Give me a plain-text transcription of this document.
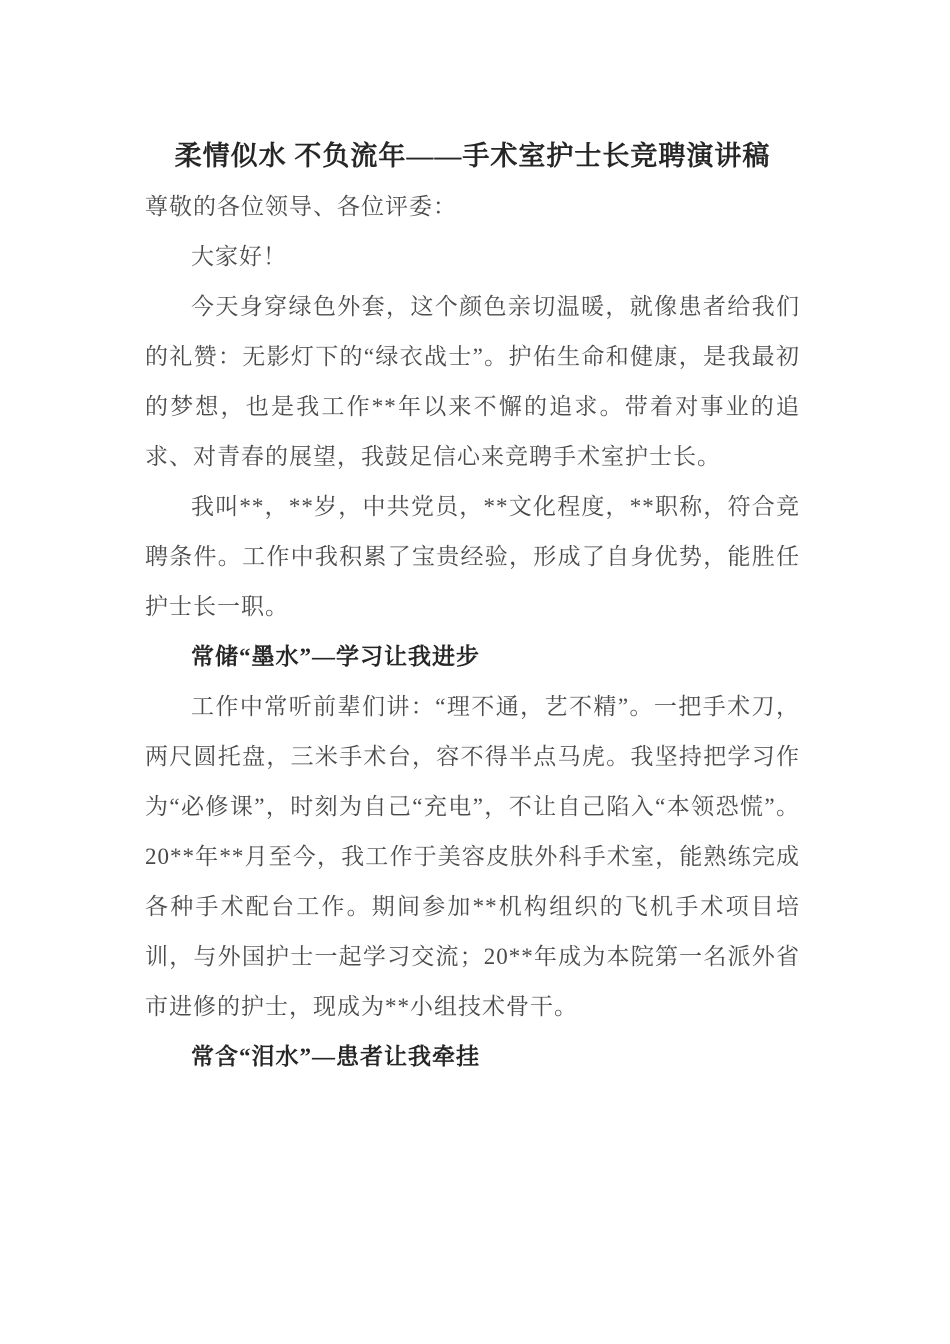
柔情似水 不负流年——手术室护士长竞聘演讲稿

尊敬的各位领导、各位评委：

大家好！

今天身穿绿色外套，这个颜色亲切温暖，就像患者给我们的礼赞：无影灯下的“绿衣战士”。护佑生命和健康，是我最初的梦想，也是我工作**年以来不懈的追求。带着对事业的追求、对青春的展望，我鼓足信心来竞聘手术室护士长。

我叫**，**岁，中共党员，**文化程度，**职称，符合竞聘条件。工作中我积累了宝贵经验，形成了自身优势，能胜任护士长一职。

常储“墨水”—学习让我进步

工作中常听前辈们讲：“理不通，艺不精”。一把手术刀，两尺圆托盘，三米手术台，容不得半点马虎。我坚持把学习作为“必修课”，时刻为自己“充电”，不让自己陷入“本领恐慌”。 20**年**月至今，我工作于美容皮肤外科手术室，能熟练完成各种手术配台工作。期间参加**机构组织的飞机手术项目培训，与外国护士一起学习交流；20**年成为本院第一名派外省市进修的护士，现成为**小组技术骨干。

常含“泪水”—患者让我牵挂
